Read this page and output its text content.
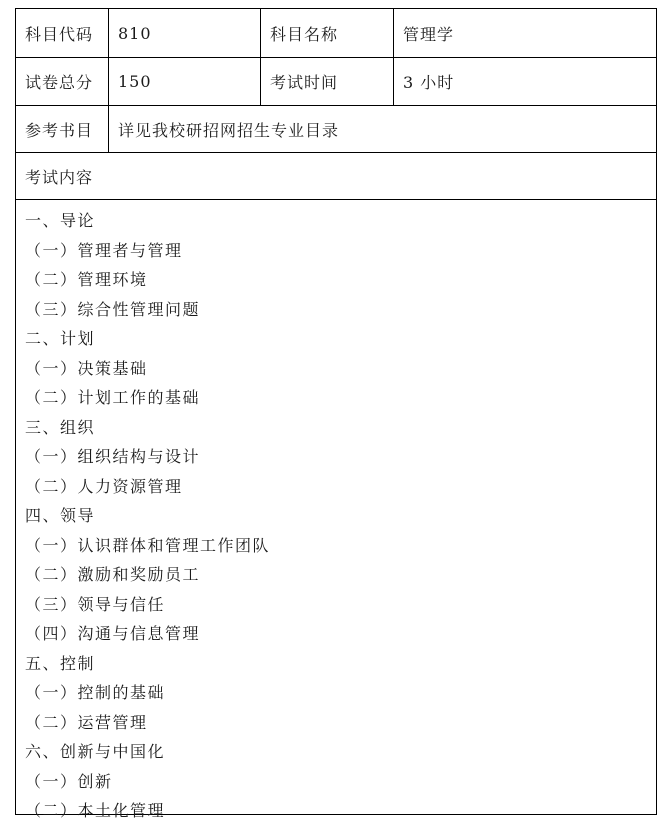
科目代码	810	科目名称	管理学
试卷总分	150	考试时间	3 小时
参考书目	详见我校研招网招生专业目录
考试内容
一、导论
（一）管理者与管理
（二）管理环境
（三）综合性管理问题
二、计划
（一）决策基础
（二）计划工作的基础
三、组织
（一）组织结构与设计
（二）人力资源管理
四、领导
（一）认识群体和管理工作团队
（二）激励和奖励员工
（三）领导与信任
（四）沟通与信息管理
五、控制
（一）控制的基础
（二）运营管理
六、创新与中国化
（一）创新
（二）本土化管理
